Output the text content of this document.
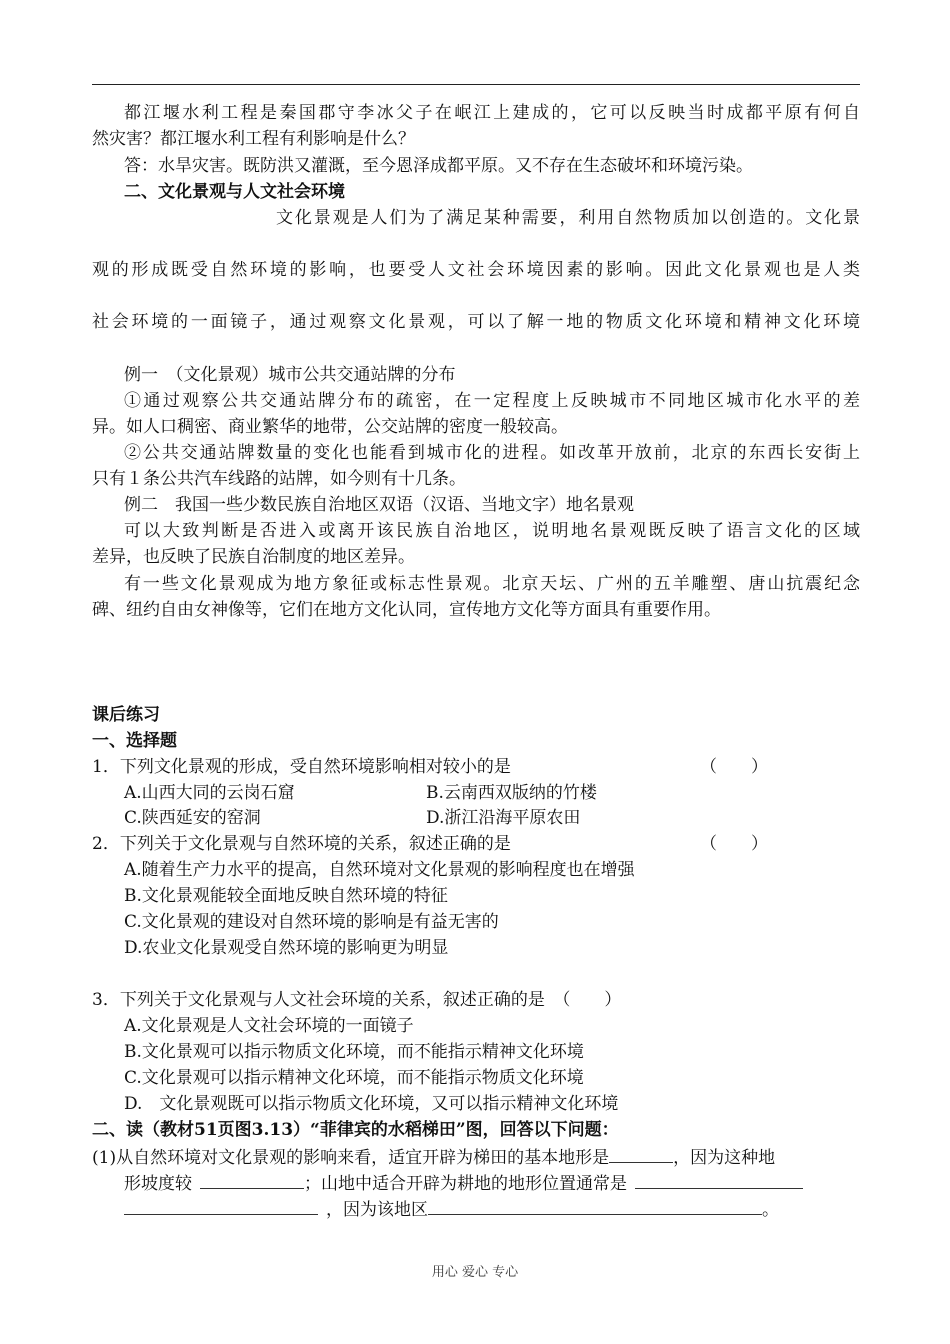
都江堰水利工程是秦国郡守李冰父子在岷江上建成的，它可以反映当时成都平原有何自
然灾害？都江堰水利工程有利影响是什么？
答：水旱灾害。既防洪又灌溉，至今恩泽成都平原。又不存在生态破坏和环境污染。
二、文化景观与人文社会环境
文化景观是人们为了满足某种需要，利用自然物质加以创造的。文化景
观的形成既受自然环境的影响，也要受人文社会环境因素的影响。因此文化景观也是人类
社会环境的一面镜子，通过观察文化景观，可以了解一地的物质文化环境和精神文化环境
例一　（文化景观）城市公共交通站牌的分布
①通过观察公共交通站牌分布的疏密，在一定程度上反映城市不同地区城市化水平的差
异。如人口稠密、商业繁华的地带，公交站牌的密度一般较高。
②公共交通站牌数量的变化也能看到城市化的进程。如改革开放前，北京的东西长安街上
只有１条公共汽车线路的站牌，如今则有十几条。
例二　我国一些少数民族自治地区双语（汉语、当地文字）地名景观
可以大致判断是否进入或离开该民族自治地区，说明地名景观既反映了语言文化的区域
差异，也反映了民族自治制度的地区差异。
有一些文化景观成为地方象征或标志性景观。北京天坛、广州的五羊雕塑、唐山抗震纪念
碑、纽约自由女神像等，它们在地方文化认同，宣传地方文化等方面具有重要作用。
课后练习
一、选择题
1．下列文化景观的形成，受自然环境影响相对较小的是	（　　）
A.山西大同的云岗石窟	B.云南西双版纳的竹楼
C.陕西延安的窑洞	D.浙江沿海平原农田
2．下列关于文化景观与自然环境的关系，叙述正确的是	（　　）
A.随着生产力水平的提高，自然环境对文化景观的影响程度也在增强
B.文化景观能较全面地反映自然环境的特征
C.文化景观的建设对自然环境的影响是有益无害的
D.农业文化景观受自然环境的影响更为明显
3．下列关于文化景观与人文社会环境的关系，叙述正确的是　（　　）
A.文化景观是人文社会环境的一面镜子
B.文化景观可以指示物质文化环境，而不能指示精神文化环境
C.文化景观可以指示精神文化环境，而不能指示物质文化环境
D.　文化景观既可以指示物质文化环境，又可以指示精神文化环境
二、读（教材51页图3.13）“菲律宾的水稻梯田”图，回答以下问题：
(1)从自然环境对文化景观的影响来看，适宜开辟为梯田的基本地形是	，因为这种地
形坡度较	；山地中适合开辟为耕地的地形位置通常是
，因为该地区	。
用心 爱心 专心
